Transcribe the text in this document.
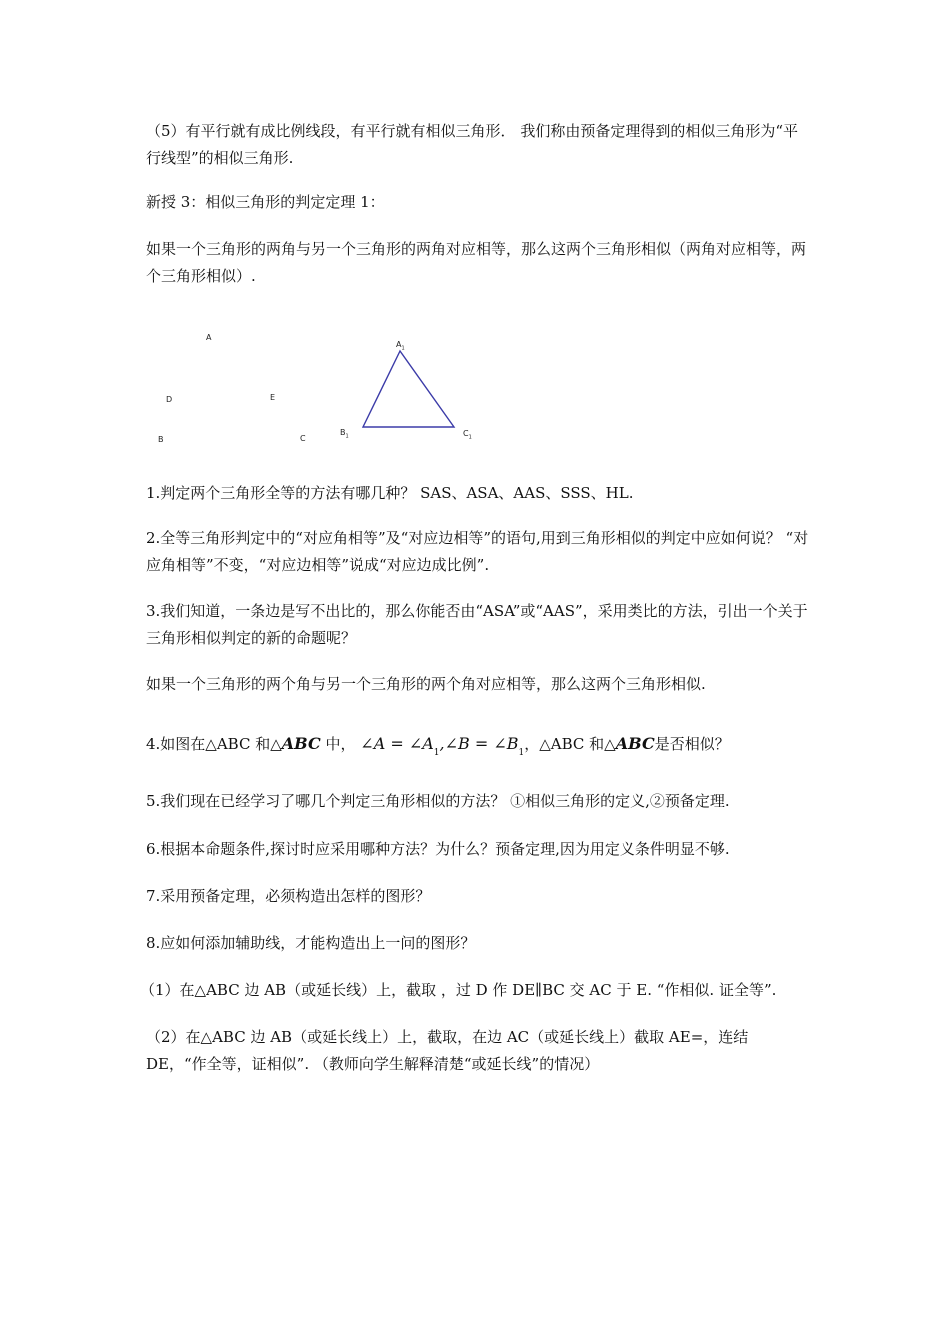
（5）有平行就有成比例线段，有平行就有相似三角形． 我们称由预备定理得到的相似三角形为“平行线型”的相似三角形.

新授 3：相似三角形的判定定理 1：

如果一个三角形的两角与另一个三角形的两角对应相等，那么这两个三角形相似（两角对应相等，两个三角形相似）.

A
D	E
B	C
$A_1$
$B_1$	$C_1$

1.判定两个三角形全等的方法有哪几种？ SAS、ASA、AAS、SSS、HL.

2.全等三角形判定中的“对应角相等”及“对应边相等”的语句,用到三角形相似的判定中应如何说？ “对应角相等”不变，“对应边相等”说成“对应边成比例”.

3.我们知道，一条边是写不出比的，那么你能否由“ASA”或“AAS”，采用类比的方法，引出一个关于三角形相似判定的新的命题呢？

如果一个三角形的两个角与另一个三角形的两个角对应相等，那么这两个三角形相似.

4.如图在△ABC 和△ABC 中， ∠A = $\angle A_1,\angle B$ = $\angle B_1$，△ABC 和△ABC是否相似？

5.我们现在已经学习了哪几个判定三角形相似的方法？ ①相似三角形的定义,②预备定理.

6.根据本命题条件,探讨时应采用哪种方法？为什么？预备定理,因为用定义条件明显不够.

7.采用预备定理，必须构造出怎样的图形？

8.应如何添加辅助线，才能构造出上一问的图形？

（1）在△ABC 边 AB（或延长线）上，截取 ，过 D 作 DE∥BC 交 AC 于 E. “作相似. 证全等”.

（2）在△ABC 边 AB（或延长线上）上，截取，在边 AC（或延长线上）截取 AE=，连结 DE，“作全等，证相似”. （教师向学生解释清楚“或延长线”的情况）
